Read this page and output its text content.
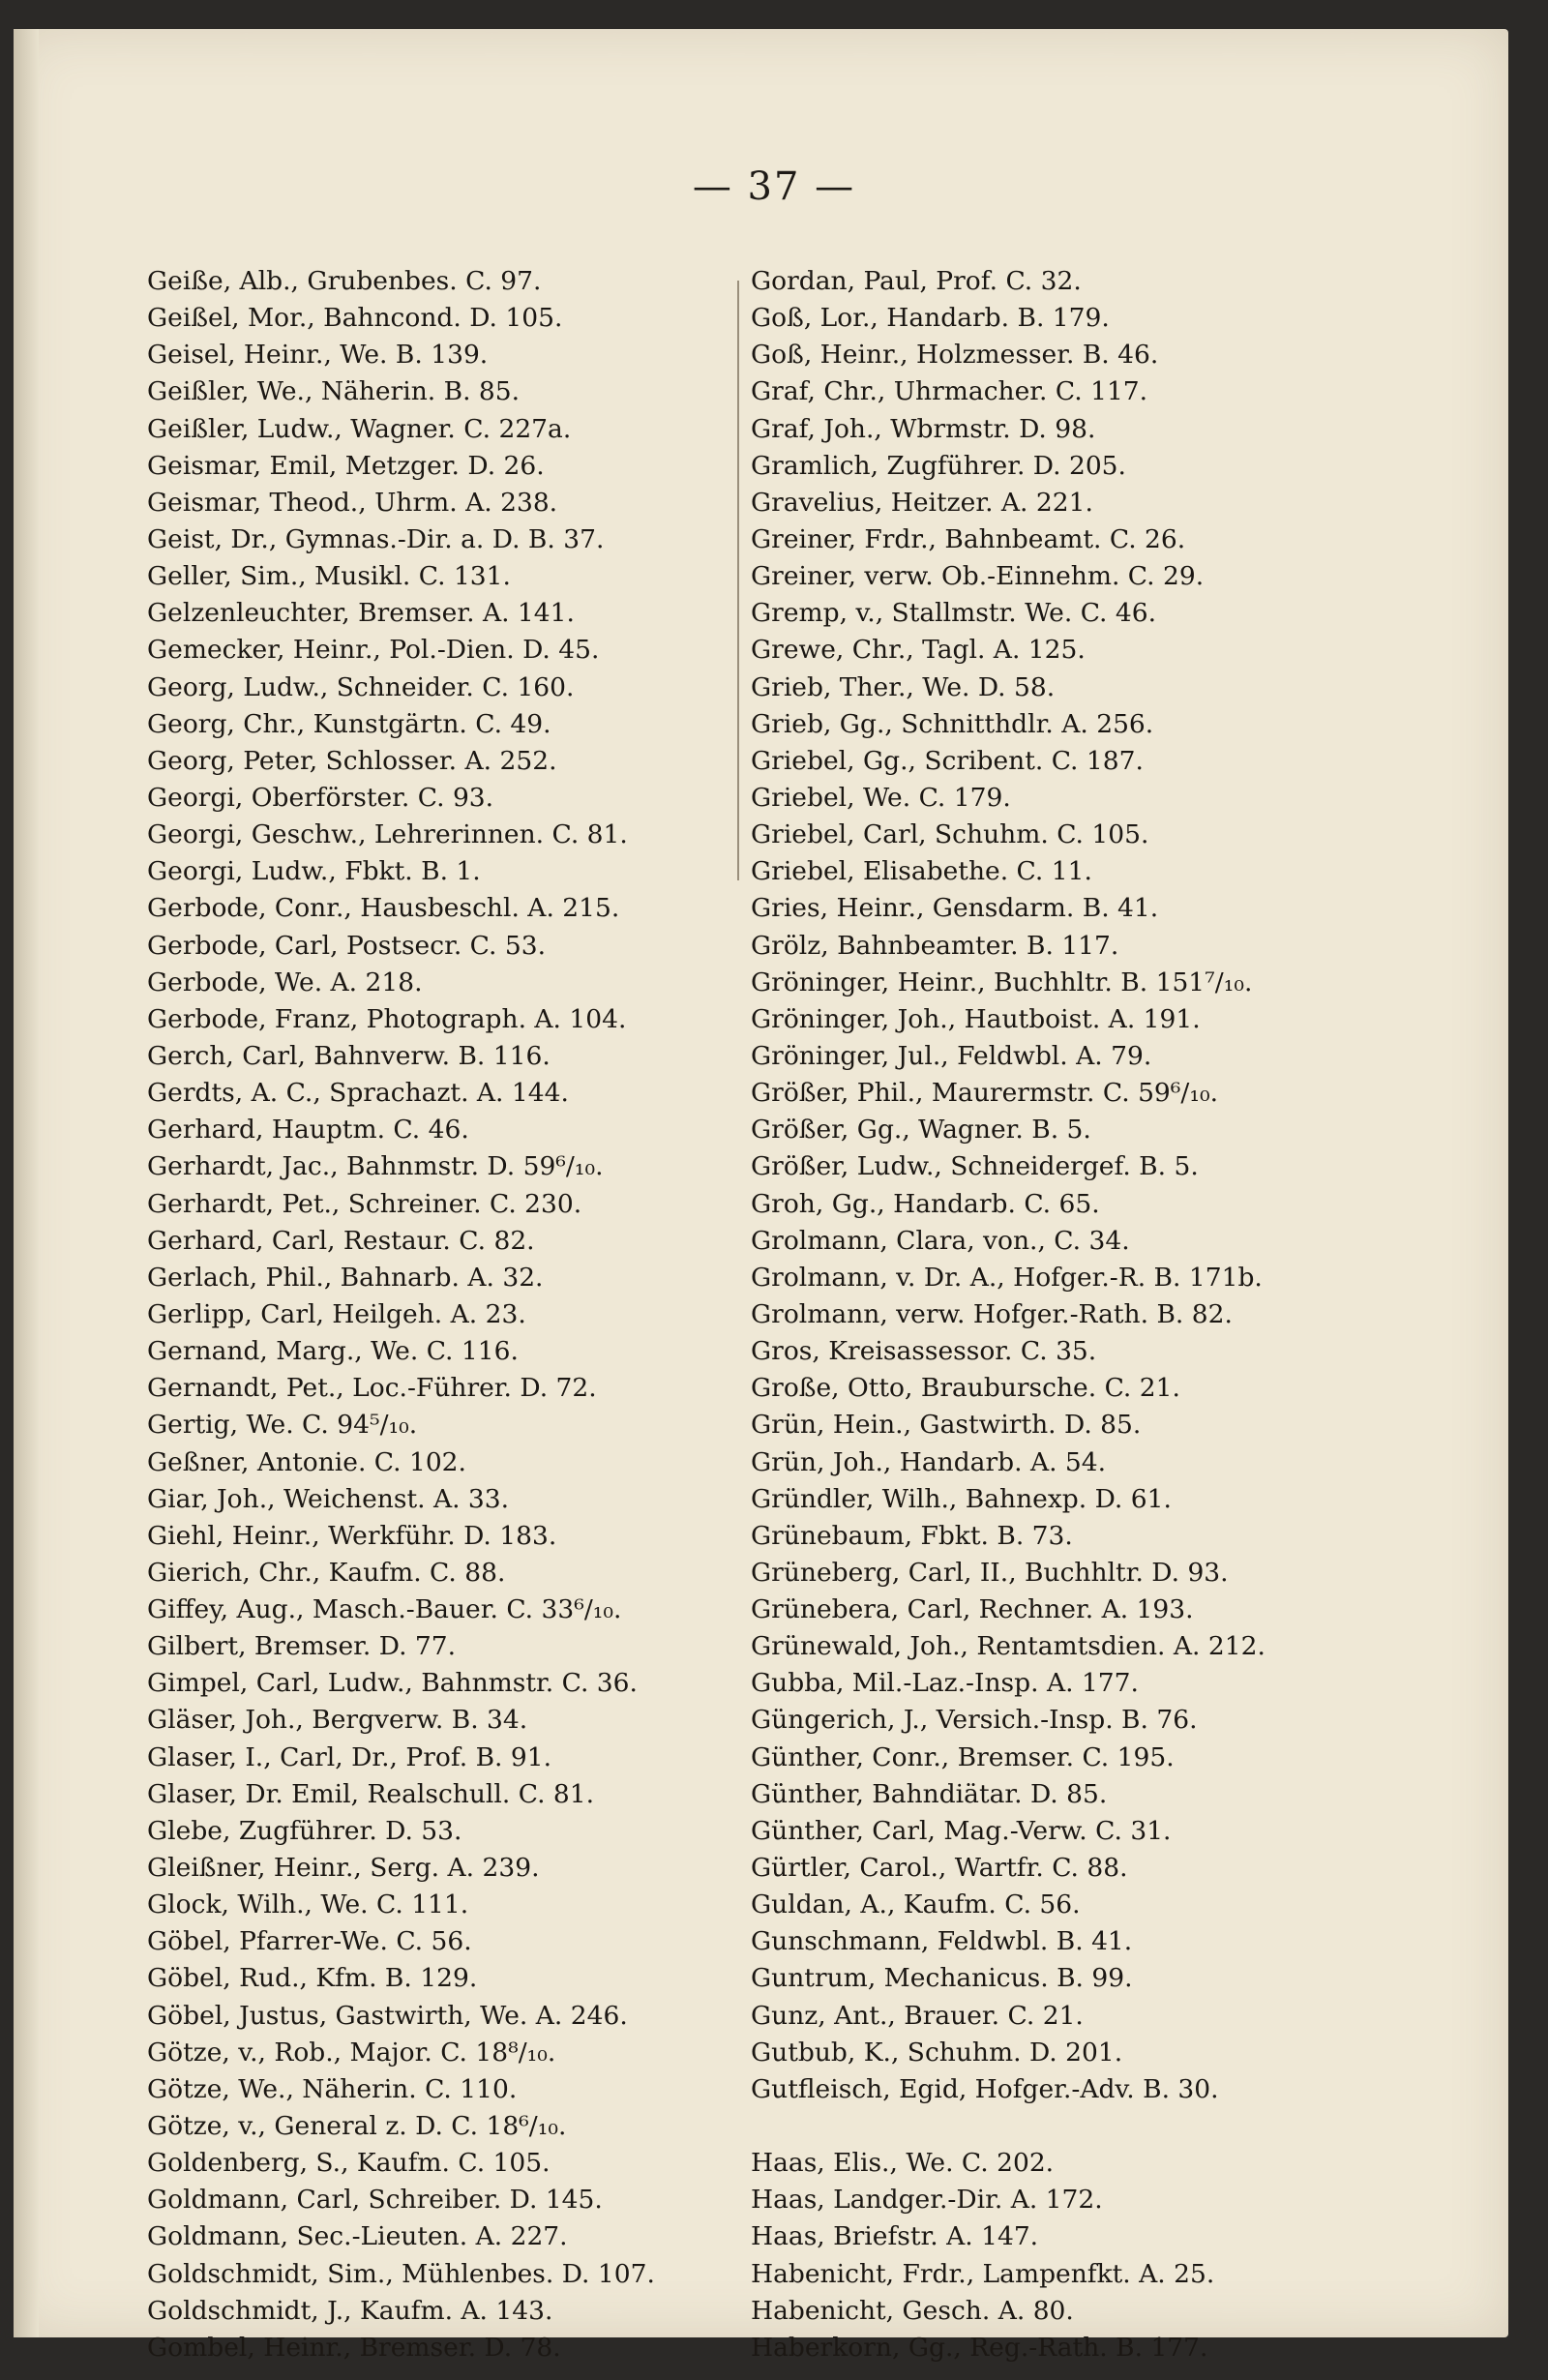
— 37 —
Geiße, Alb., Grubenbes. C. 97.
Geißel, Mor., Bahncond. D. 105.
Geisel, Heinr., We. B. 139.
Geißler, We., Näherin. B. 85.
Geißler, Ludw., Wagner. C. 227a.
Geismar, Emil, Metzger. D. 26.
Geismar, Theod., Uhrm. A. 238.
Geist, Dr., Gymnas.-Dir. a. D. B. 37.
Geller, Sim., Musikl. C. 131.
Gelzenleuchter, Bremser. A. 141.
Gemecker, Heinr., Pol.-Dien. D. 45.
Georg, Ludw., Schneider. C. 160.
Georg, Chr., Kunstgärtn. C. 49.
Georg, Peter, Schlosser. A. 252.
Georgi, Oberförster. C. 93.
Georgi, Geschw., Lehrerinnen. C. 81.
Georgi, Ludw., Fbkt. B. 1.
Gerbode, Conr., Hausbeschl. A. 215.
Gerbode, Carl, Postsecr. C. 53.
Gerbode, We. A. 218.
Gerbode, Franz, Photograph. A. 104.
Gerch, Carl, Bahnverw. B. 116.
Gerdts, A. C., Sprachazt. A. 144.
Gerhard, Hauptm. C. 46.
Gerhardt, Jac., Bahnmstr. D. 59⁶/₁₀.
Gerhardt, Pet., Schreiner. C. 230.
Gerhard, Carl, Restaur. C. 82.
Gerlach, Phil., Bahnarb. A. 32.
Gerlipp, Carl, Heilgeh. A. 23.
Gernand, Marg., We. C. 116.
Gernandt, Pet., Loc.-Führer. D. 72.
Gertig, We. C. 94⁵/₁₀.
Geßner, Antonie. C. 102.
Giar, Joh., Weichenst. A. 33.
Giehl, Heinr., Werkführ. D. 183.
Gierich, Chr., Kaufm. C. 88.
Giffey, Aug., Masch.-Bauer. C. 33⁶/₁₀.
Gilbert, Bremser. D. 77.
Gimpel, Carl, Ludw., Bahnmstr. C. 36.
Gläser, Joh., Bergverw. B. 34.
Glaser, I., Carl, Dr., Prof. B. 91.
Glaser, Dr. Emil, Realschull. C. 81.
Glebe, Zugführer. D. 53.
Gleißner, Heinr., Serg. A. 239.
Glock, Wilh., We. C. 111.
Göbel, Pfarrer-We. C. 56.
Göbel, Rud., Kfm. B. 129.
Göbel, Justus, Gastwirth, We. A. 246.
Götze, v., Rob., Major. C. 18⁸/₁₀.
Götze, We., Näherin. C. 110.
Götze, v., General z. D. C. 18⁶/₁₀.
Goldenberg, S., Kaufm. C. 105.
Goldmann, Carl, Schreiber. D. 145.
Goldmann, Sec.-Lieuten. A. 227.
Goldschmidt, Sim., Mühlenbes. D. 107.
Goldschmidt, J., Kaufm. A. 143.
Gombel, Heinr., Bremser. D. 78.
Gordan, Paul, Prof. C. 32.
Goß, Lor., Handarb. B. 179.
Goß, Heinr., Holzmesser. B. 46.
Graf, Chr., Uhrmacher. C. 117.
Graf, Joh., Wbrmstr. D. 98.
Gramlich, Zugführer. D. 205.
Gravelius, Heitzer. A. 221.
Greiner, Frdr., Bahnbeamt. C. 26.
Greiner, verw. Ob.-Einnehm. C. 29.
Gremp, v., Stallmstr. We. C. 46.
Grewe, Chr., Tagl. A. 125.
Grieb, Ther., We. D. 58.
Grieb, Gg., Schnitthdlr. A. 256.
Griebel, Gg., Scribent. C. 187.
Griebel, We. C. 179.
Griebel, Carl, Schuhm. C. 105.
Griebel, Elisabethe. C. 11.
Gries, Heinr., Gensdarm. B. 41.
Grölz, Bahnbeamter. B. 117.
Gröninger, Heinr., Buchhltr. B. 151⁷/₁₀.
Gröninger, Joh., Hautboist. A. 191.
Gröninger, Jul., Feldwbl. A. 79.
Größer, Phil., Maurermstr. C. 59⁶/₁₀.
Größer, Gg., Wagner. B. 5.
Größer, Ludw., Schneidergef. B. 5.
Groh, Gg., Handarb. C. 65.
Grolmann, Clara, von., C. 34.
Grolmann, v. Dr. A., Hofger.-R. B. 171b.
Grolmann, verw. Hofger.-Rath. B. 82.
Gros, Kreisassessor. C. 35.
Große, Otto, Braubursche. C. 21.
Grün, Hein., Gastwirth. D. 85.
Grün, Joh., Handarb. A. 54.
Gründler, Wilh., Bahnexp. D. 61.
Grünebaum, Fbkt. B. 73.
Grüneberg, Carl, II., Buchhltr. D. 93.
Grünebera, Carl, Rechner. A. 193.
Grünewald, Joh., Rentamtsdien. A. 212.
Gubba, Mil.-Laz.-Insp. A. 177.
Güngerich, J., Versich.-Insp. B. 76.
Günther, Conr., Bremser. C. 195.
Günther, Bahndiätar. D. 85.
Günther, Carl, Mag.-Verw. C. 31.
Gürtler, Carol., Wartfr. C. 88.
Guldan, A., Kaufm. C. 56.
Gunschmann, Feldwbl. B. 41.
Guntrum, Mechanicus. B. 99.
Gunz, Ant., Brauer. C. 21.
Gutbub, K., Schuhm. D. 201.
Gutfleisch, Egid, Hofger.-Adv. B. 30.
Haas, Elis., We. C. 202.
Haas, Landger.-Dir. A. 172.
Haas, Briefstr. A. 147.
Habenicht, Frdr., Lampenfkt. A. 25.
Habenicht, Gesch. A. 80.
Haberkorn, Gg., Reg.-Rath. B. 177.
